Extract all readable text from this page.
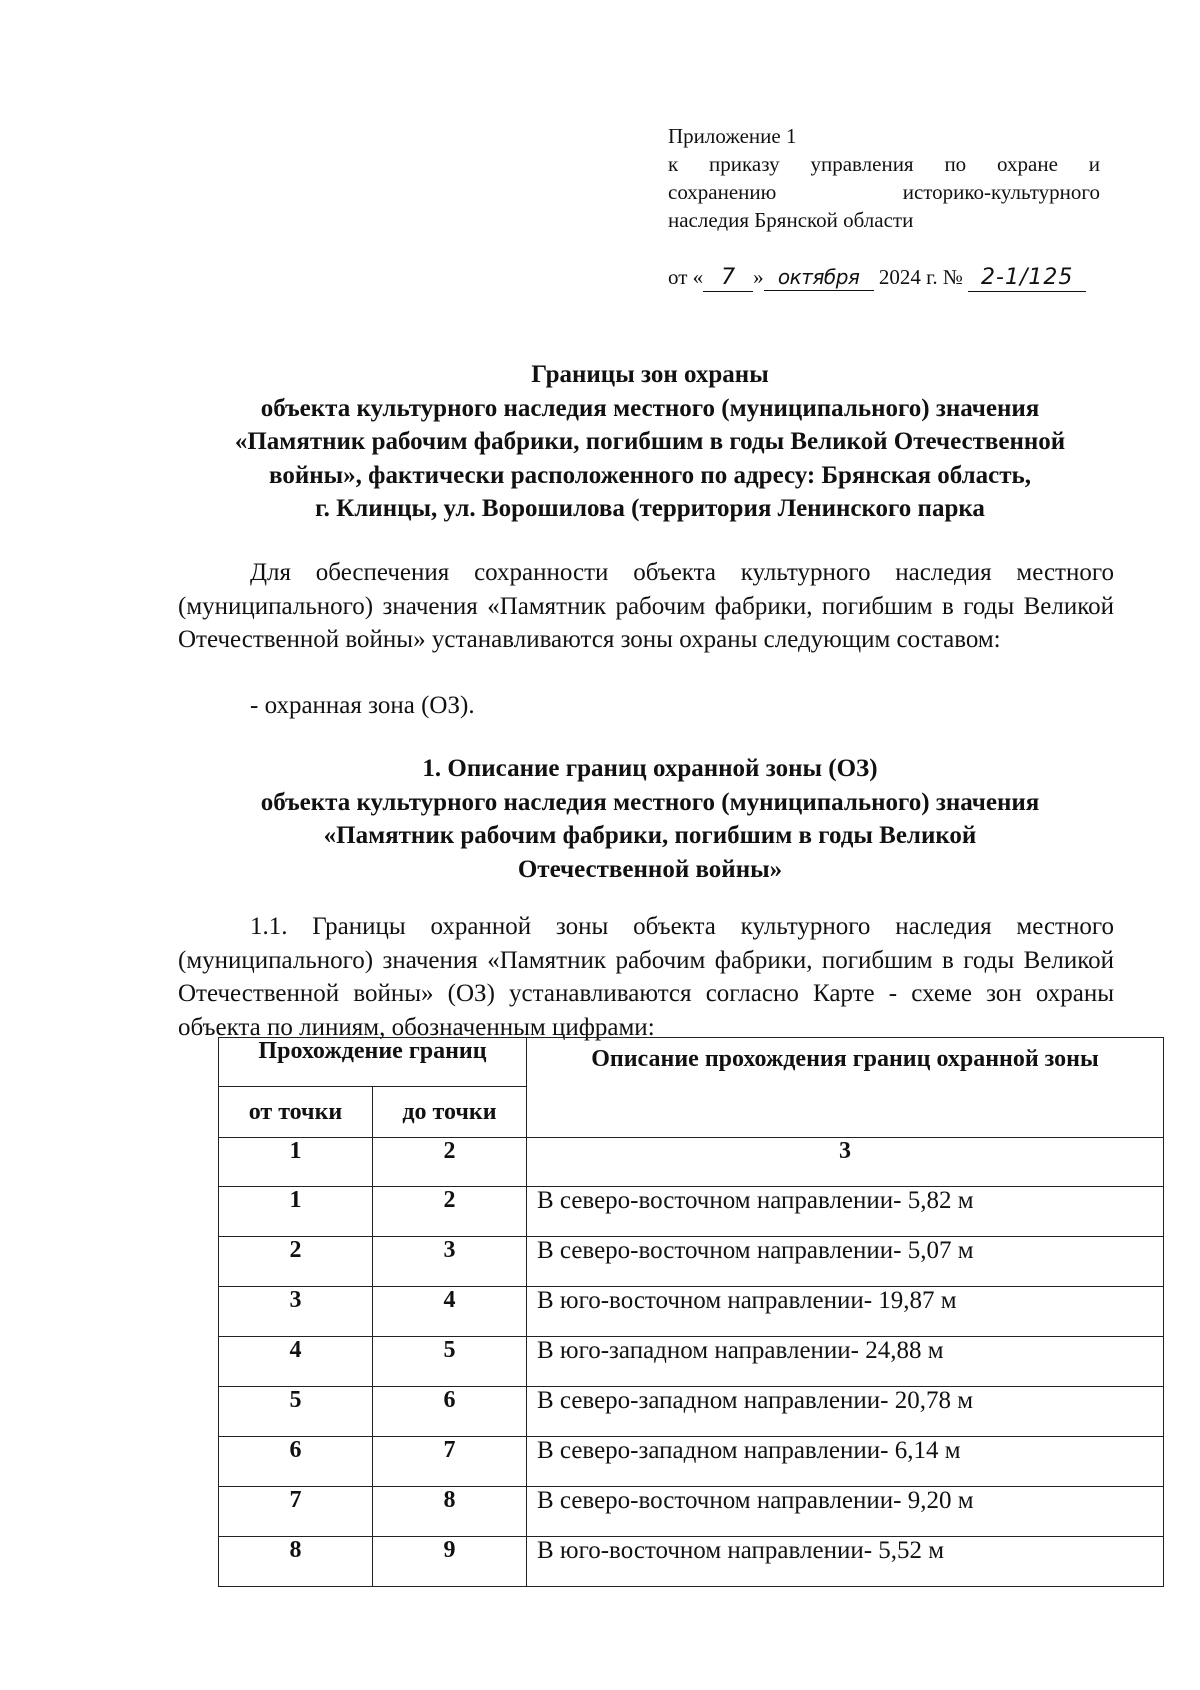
Приложение 1
к приказу управления по охране и
сохранению историко-культурного
наследия Брянской области
от « 7 » октября 2024 г. № 2-1/125
Границы зон охраны
объекта культурного наследия местного (муниципального) значения
«Памятник рабочим фабрики, погибшим в годы Великой Отечественной
войны», фактически расположенного по адресу: Брянская область,
г. Клинцы, ул. Ворошилова (территория Ленинского парка
Для обеспечения сохранности объекта культурного наследия местного (муниципального) значения «Памятник рабочим фабрики, погибшим в годы Великой Отечественной войны» устанавливаются зоны охраны следующим составом:
- охранная зона (ОЗ).
1. Описание границ охранной зоны (ОЗ)
объекта культурного наследия местного (муниципального) значения
«Памятник рабочим фабрики, погибшим в годы Великой
Отечественной войны»
1.1. Границы охранной зоны объекта культурного наследия местного (муниципального) значения «Памятник рабочим фабрики, погибшим в годы Великой Отечественной войны» (ОЗ) устанавливаются согласно Карте - схеме зон охраны объекта по линиям, обозначенным цифрами:
Прохождение границ		Описание прохождения границ охранной зоны
от точки	до точки	
1	2	3
1	2	В северо-восточном направлении- 5,82 м
2	3	В северо-восточном направлении- 5,07 м
3	4	В юго-восточном направлении- 19,87 м
4	5	В юго-западном направлении- 24,88 м
5	6	В северо-западном направлении- 20,78 м
6	7	В северо-западном направлении- 6,14 м
7	8	В северо-восточном направлении- 9,20 м
8	9	В юго-восточном направлении- 5,52 м
